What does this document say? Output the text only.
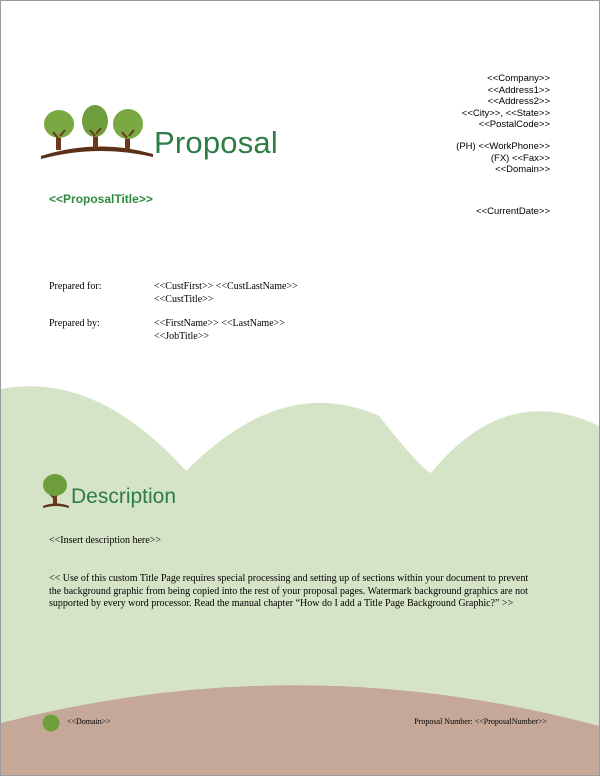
Proposal
<<Company>>
<<Address1>>
<<Address2>>
<<City>>, <<State>>
<<PostalCode>>
(PH) <<WorkPhone>>
(FX) <<Fax>>
<<Domain>>
<<ProposalTitle>>
<<CurrentDate>>
Prepared for:	<<CustFirst>> <<CustLastName>>
<<CustTitle>>
Prepared by:	<<FirstName>> <<LastName>>
<<JobTitle>>
Description
<<Insert description here>>
<< Use of this custom Title Page requires special processing and setting up of sections within your document to prevent the background graphic from being copied into the rest of your proposal pages. Watermark background graphics are not supported by every word processor. Read the manual chapter “How do I add a Title Page Background Graphic?” >>
<<Domain>>	Proposal Number: <<ProposalNumber>>
